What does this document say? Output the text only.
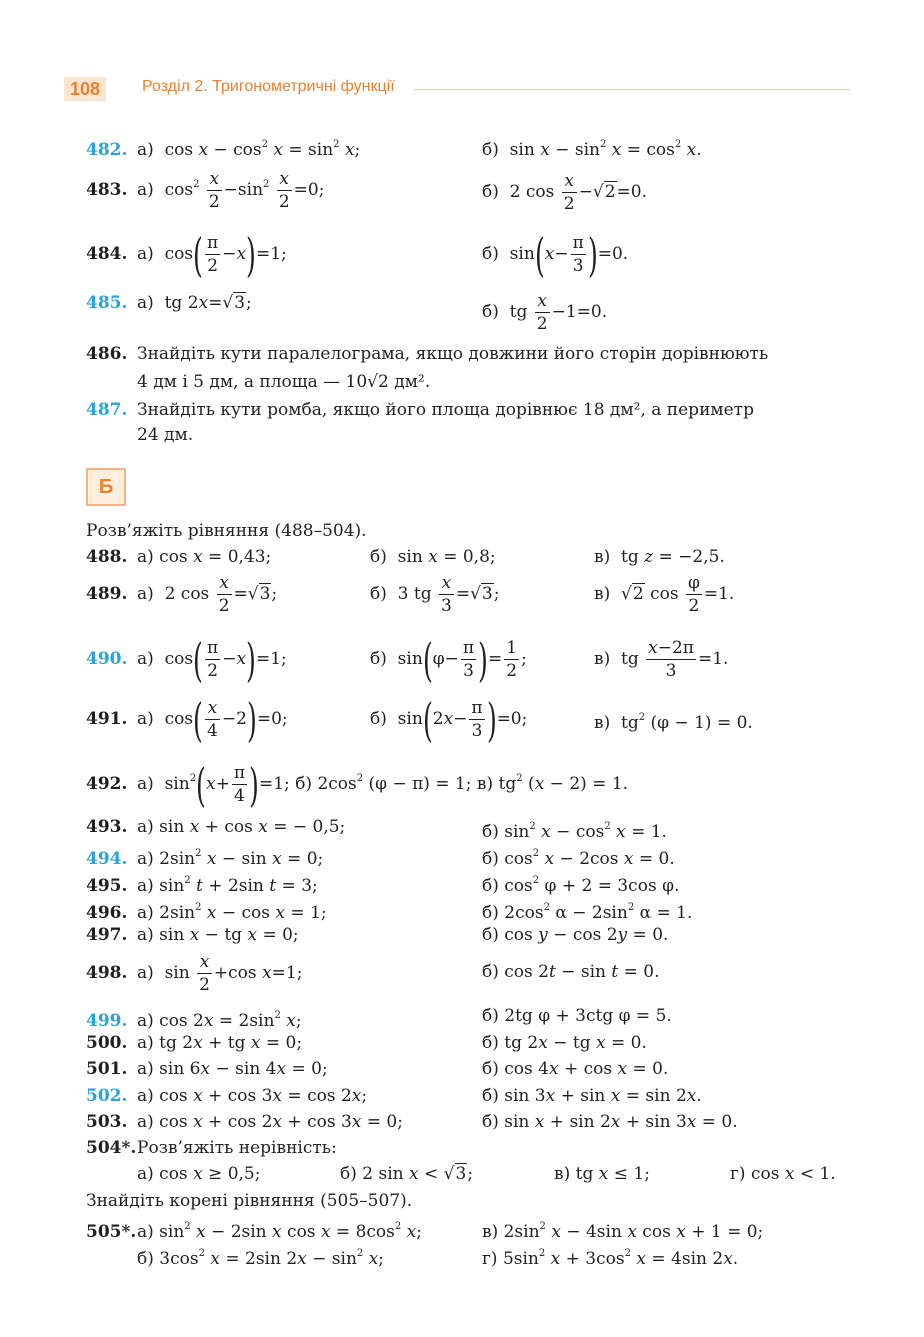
108	Розділ 2. Тригонометричні функції
482. а)  $\cos x - \cos^2 x = \sin^2 x$;	б)  $\sin x - \sin^2 x = \cos^2 x$.
483. а)  $\cos^2 \frac{x}{2} -\sin^2 \frac{x}{2} =0$;	б)  2 $\cos \frac{x}{2} -√2=0$.
484. а)  $\cos( \frac{\pi}{2} -x)=1$;	б)  $\sin(x- \frac{\pi}{3} )=0$.
485. а)  tg 2x=√3;	б)  tg $\frac{x}{2} -1=0$.
486. Знайдіть кути паралелограма, якщо довжини його сторін дорівнюють
4 дм і 5 дм, а площа — 10√2 дм².
487. Знайдіть кути ромба, якщо його площа дорівнює 18 дм², а периметр
24 дм.
Б
Розв’яжіть рівняння (488–504).
488. а) cos x = 0,43;	б)  sin x = 0,8;	в)  tg z = −2,5.
489. а)  2 $\cos \frac{x}{2} =√3$;	б)  3 tg $\frac{x}{3} =√3$;	в)  √2 $\cos \frac{\varphi}{2} =1$.
490. а)  $\cos( \frac{\pi}{2} -x)=1$;	б)  $\sin(\varphi- \frac{\pi}{3}$ )= $\frac{1}{2}$ ;	в)  tg $\frac{x-2\pi}{3} =1$.
491. а)  $\cos( \frac{x}{4} -2)=0$;	б)  $\sin(2x- \frac{\pi}{3} )=0$;	в)  $tg^2$ (φ − 1) = 0.
492. а)  $\sin^2(x+ \frac{\pi}{4} )=1$; б) $2\cos^2$ (φ − π) = 1; в) $tg^2$ (x − 2) = 1.
493. а) sin x + cos x = − 0,5;	б) $\sin^2 x - \cos^2 x = 1$.
494. а) $2\sin^2$ x − sin x = 0;	б) $\cos^2 x - 2\cos$ x = 0.
495. а) $\sin^2 t + 2\sin$ t = 3;	б) $\cos^2 \varphi + 2 = 3\cos$ φ.
496. а) $2\sin^2$ x − cos x = 1;	б) $2\cos^2$ $\alpha - 2\sin^2$ α = 1.
497. а) sin x − tg x = 0;	б) cos y − cos 2y = 0.
498. а)  $\sin \frac{x}{2} +\cos$ x=1;	б) cos 2t − sin t = 0.
499. а) $\cos 2x = 2\sin^2$ x;	б) 2tg φ + 3ctg φ = 5.
500. а) tg 2x + tg x = 0;	б) tg 2x − tg x = 0.
501. а) sin 6x − sin 4x = 0;	б) cos 4x + cos x = 0.
502. а) cos x + cos 3x = cos 2x;	б) sin 3x + sin x = sin 2x.
503. а) cos x + cos 2x + cos 3x = 0;	б) sin x + sin 2x + sin 3x = 0.
504*.Розв’яжіть нерівність:
а) cos x ≥ 0,5;	б) 2 sin x < √3;	в) tg x ≤ 1;	г) cos x < 1.
Знайдіть корені рівняння (505–507).
505*.а) $\sin^2 x - 2\sin$ x $\cos x = 8\cos^2$ x;	в) $2\sin^2$ x − 4sin x cos x + 1 = 0;
б) $3\cos^2$ x = 2sin $2x - \sin^2 x$;	г) $5\sin^2$ $x + 3\cos^2$ x = 4sin 2x.
